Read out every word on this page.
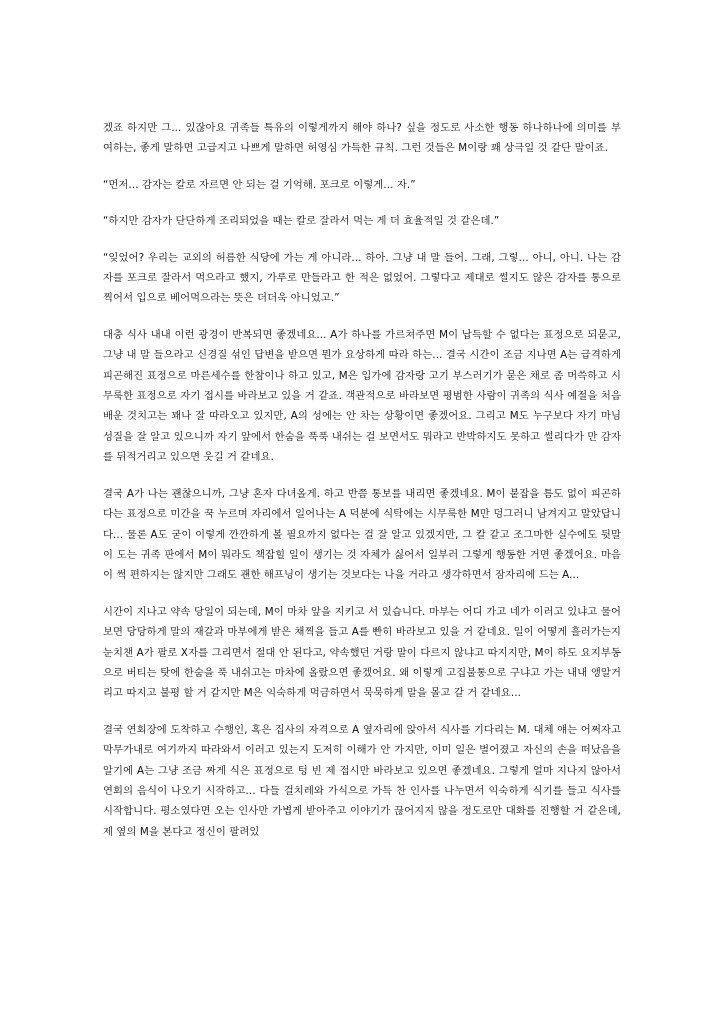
겠죠 하지만 그... 있잖아요 귀족들 특유의 이렇게까지 해야 하나? 싶을 정도로 사소한 행동 하나하나에 의미를 부여하는, 좋게 말하면 고급지고 나쁘게 말하면 허영심 가득한 규칙. 그런 것들은 M이랑 꽤 상극일 것 같단 말이죠.

“먼저... 감자는 칼로 자르면 안 되는 걸 기억해. 포크로 이렇게... 자.”

“하지만 감자가 단단하게 조리되었을 때는 칼로 잘라서 먹는 게 더 효율적일 것 같은데.”

“잊었어? 우리는 교외의 허름한 식당에 가는 게 아니라... 하아. 그냥 내 말 들어. 그래, 그렇... 아니, 아니. 나는 감자를 포크로 잘라서 먹으라고 했지, 가루로 만들라고 한 적은 없었어. 그렇다고 제대로 썰지도 않은 감자를 통으로 찍어서 입으로 베어먹으라는 뜻은 더더욱 아니었고.”

대충 식사 내내 이런 광경이 반복되면 좋겠네요... A가 하나를 가르쳐주면 M이 납득할 수 없다는 표정으로 되묻고, 그냥 내 말 들으라고 신경질 섞인 답변을 받으면 뭔가 요상하게 따라 하는... 결국 시간이 조금 지나면 A는 급격하게 피곤해진 표정으로 마른세수를 한참이나 하고 있고, M은 입가에 감자랑 고기 부스러기가 묻은 채로 좀 머쓱하고 시무룩한 표정으로 자기 접시를 바라보고 있을 거 같죠. 객관적으로 바라보면 평범한 사람이 귀족의 식사 예절을 처음 배운 것치고는 꽤나 잘 따라오고 있지만, A의 성에는 안 차는 상황이면 좋겠어요. 그리고 M도 누구보다 자기 마님 성질을 잘 알고 있으니까 자기 앞에서 한숨을 푹푹 내쉬는 걸 보면서도 뭐라고 반박하지도 못하고 썰리다가 만 감자를 뒤적거리고 있으면 웃길 거 같네요.

결국 A가 나는 괜찮으니까, 그냥 혼자 다녀올게. 하고 반쯤 통보를 내리면 좋겠네요. M이 붙잡을 틈도 없이 피곤하다는 표정으로 미간을 꾹 누르며 자리에서 일어나는 A 덕분에 식탁에는 시무룩한 M만 덩그러니 남겨지고 말았답니다... 물론 A도 굳이 이렇게 깐깐하게 볼 필요까지 없다는 걸 잘 알고 있겠지만, 그 칼 같고 조그마한 실수에도 뒷말이 도는 귀족 판에서 M이 뭐라도 책잡힐 일이 생기는 것 자체가 싫어서 일부러 그렇게 행동한 거면 좋겠어요. 마음이 썩 편하지는 않지만 그래도 괜한 해프닝이 생기는 것보다는 나을 거라고 생각하면서 잠자리에 드는 A...

시간이 지나고 약속 당일이 되는데, M이 마차 앞을 지키고 서 있습니다. 마부는 어디 가고 네가 이러고 있냐고 물어보면 당당하게 말의 재갈과 마부에게 받은 채찍을 들고 A를 빤히 바라보고 있을 거 같네요. 일이 어떻게 흘러가는지 눈치챈 A가 팔로 X자를 그리면서 절대 안 된다고, 약속했던 거랑 말이 다르지 않냐고 따지지만, M이 하도 요지부동으로 버티는 탓에 한숨을 푹 내쉬고는 마차에 올랐으면 좋겠어요. 왜 이렇게 고집불통으로 구냐고 가는 내내 앵알거리고 따지고 불평 할 거 같지만 M은 익숙하게 먹금하면서 묵묵하게 말을 몰고 갈 거 같네요...

결국 연회장에 도착하고 수행인, 혹은 집사의 자격으로 A 옆자리에 앉아서 식사를 기다리는 M. 대체 얘는 어쩌자고 막무가내로 여기까지 따라와서 이러고 있는지 도저히 이해가 안 가지만, 이미 일은 벌어졌고 자신의 손을 떠났음을 알기에 A는 그냥 조금 짜게 식은 표정으로 텅 빈 제 접시만 바라보고 있으면 좋겠네요. 그렇게 얼마 지나지 않아서 연회의 음식이 나오기 시작하고... 다들 걸치레와 가식으로 가득 찬 인사를 나누면서 익숙하게 식기를 들고 식사를 시작합니다. 평소였다면 오는 인사만 가볍게 받아주고 이야기가 끊어지지 않을 정도로만 대화를 진행할 거 같은데, 제 옆의 M을 본다고 정신이 팔려있
